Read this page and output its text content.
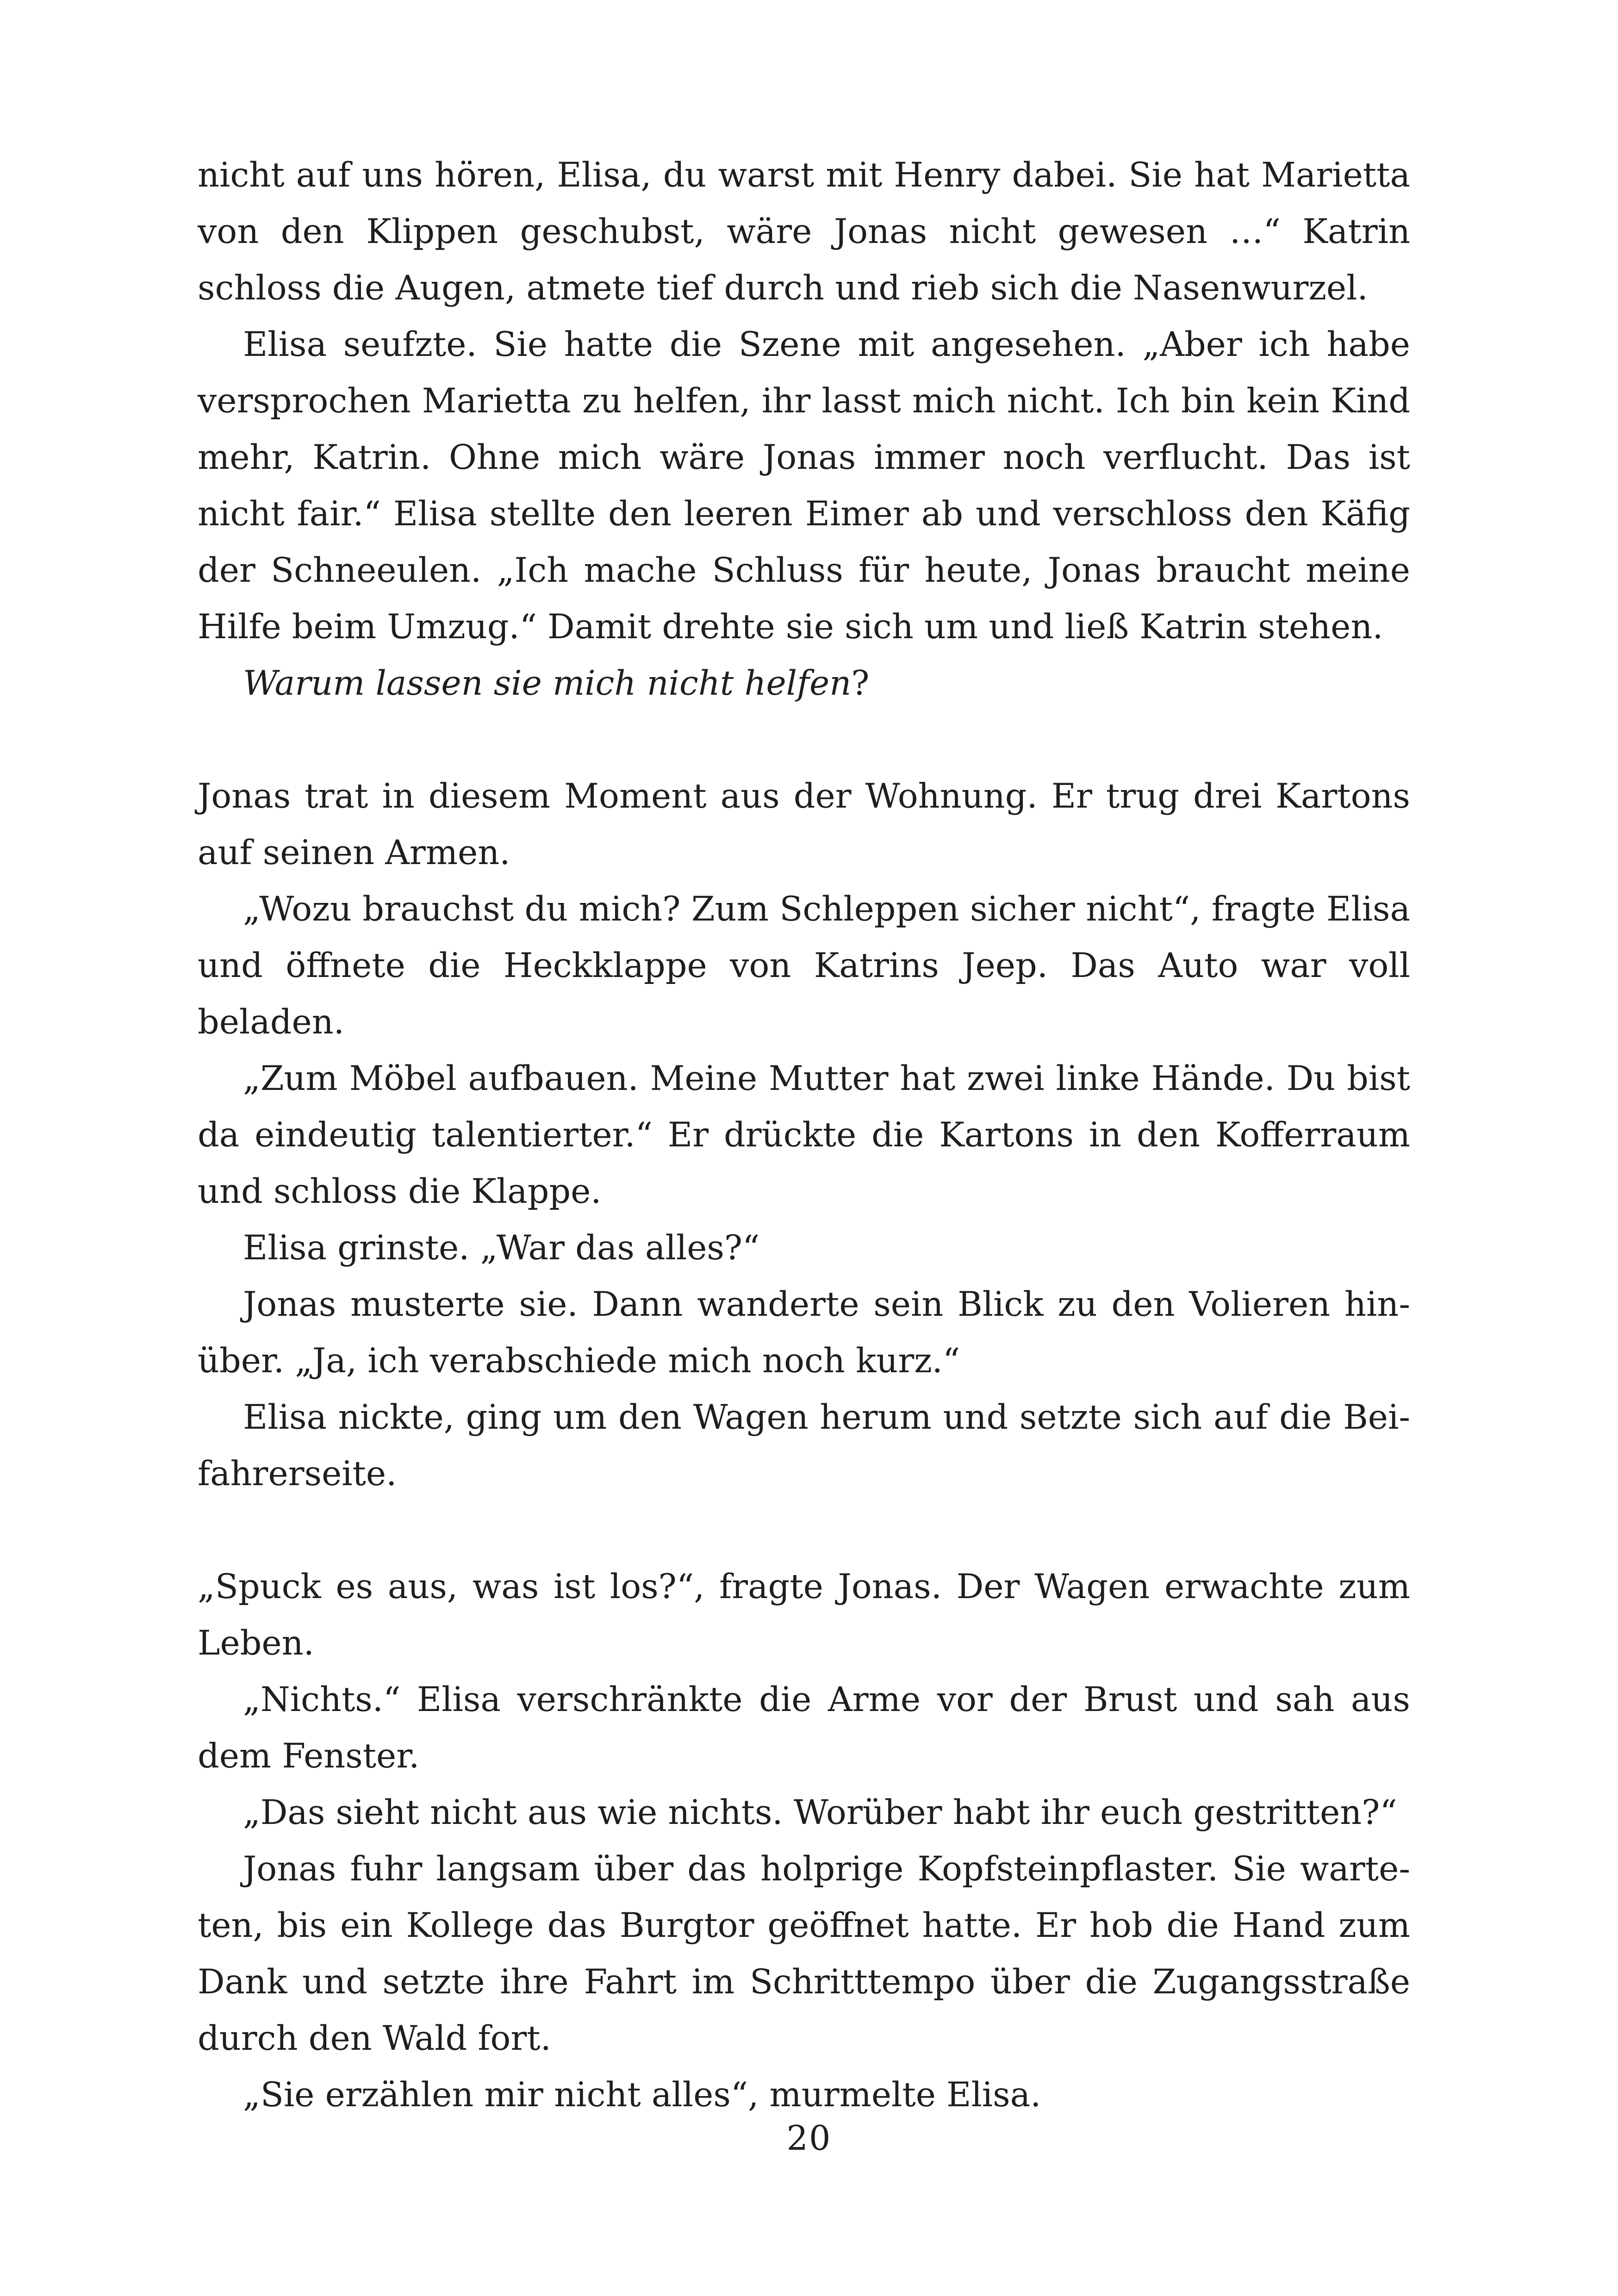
nicht auf uns hören, Elisa, du warst mit Henry dabei. Sie hat Marietta von den Klippen geschubst, wäre Jonas nicht gewesen …“ Katrin schloss die Augen, atmete tief durch und rieb sich die Nasenwurzel.

Elisa seufzte. Sie hatte die Szene mit angesehen. „Aber ich habe versprochen Marietta zu helfen, ihr lasst mich nicht. Ich bin kein Kind mehr, Katrin. Ohne mich wäre Jonas immer noch verflucht. Das ist nicht fair.“ Elisa stellte den leeren Eimer ab und verschloss den Käfig der Schneeulen. „Ich mache Schluss für heute, Jonas braucht meine Hilfe beim Umzug.“ Damit drehte sie sich um und ließ Katrin stehen.

Warum lassen sie mich nicht helfen?

Jonas trat in diesem Moment aus der Wohnung. Er trug drei Kartons auf seinen Armen.

„Wozu brauchst du mich? Zum Schleppen sicher nicht“, fragte Elisa und öffnete die Heckklappe von Katrins Jeep. Das Auto war voll beladen.

„Zum Möbel aufbauen. Meine Mutter hat zwei linke Hände. Du bist da eindeutig talentierter.“ Er drückte die Kartons in den Kofferraum und schloss die Klappe.

Elisa grinste. „War das alles?“

Jonas musterte sie. Dann wanderte sein Blick zu den Volieren hinüber. „Ja, ich verabschiede mich noch kurz.“

Elisa nickte, ging um den Wagen herum und setzte sich auf die Beifahrerseite.

„Spuck es aus, was ist los?“, fragte Jonas. Der Wagen erwachte zum Leben.

„Nichts.“ Elisa verschränkte die Arme vor der Brust und sah aus dem Fenster.

„Das sieht nicht aus wie nichts. Worüber habt ihr euch gestritten?“

Jonas fuhr langsam über das holprige Kopfsteinpflaster. Sie warteten, bis ein Kollege das Burgtor geöffnet hatte. Er hob die Hand zum Dank und setzte ihre Fahrt im Schritttempo über die Zugangsstraße durch den Wald fort.

„Sie erzählen mir nicht alles“, murmelte Elisa.

20
